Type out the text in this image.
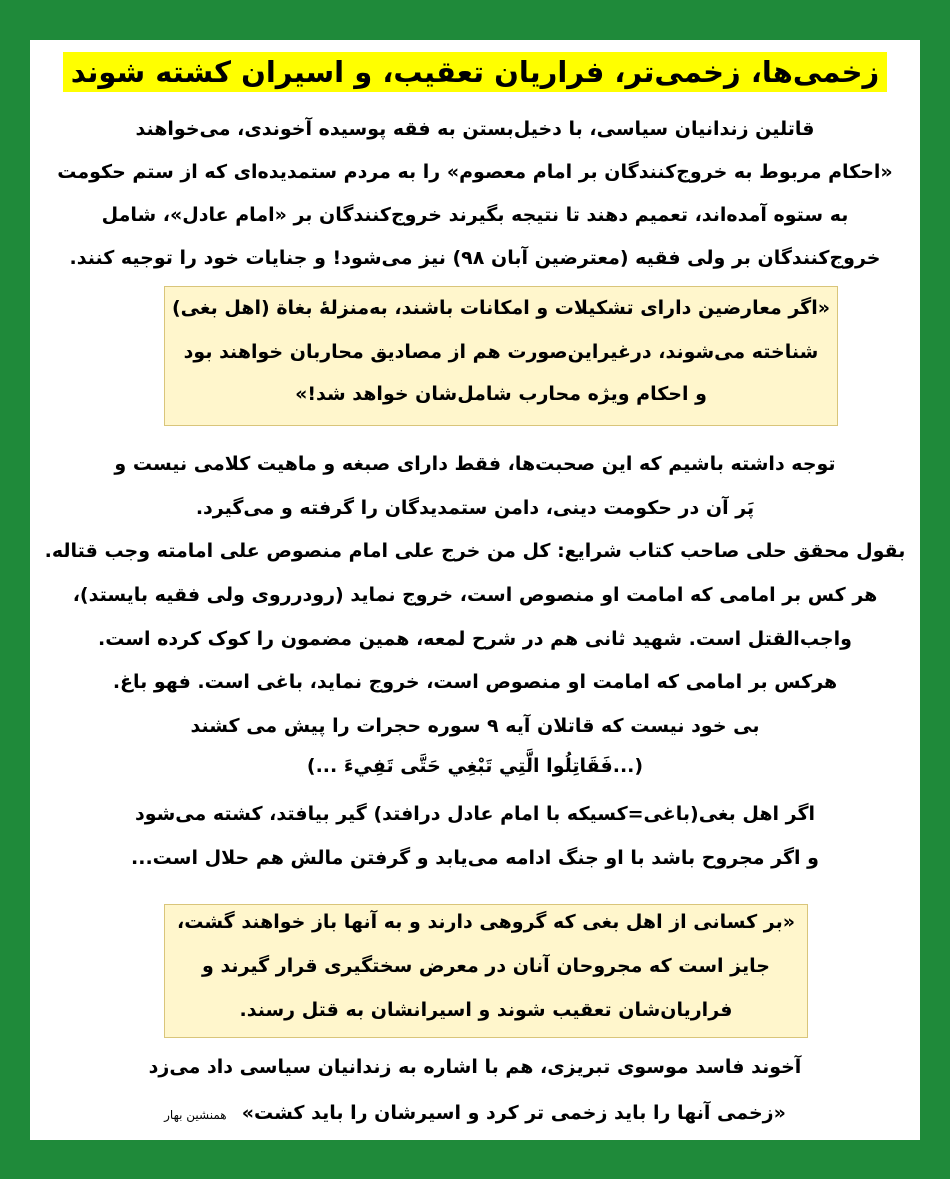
زخمی‌ها، زخمی‌تر، فراریان تعقیب، و اسیران کشته شوند
قاتلین زندانیان سیاسی، با دخیل‌بستن به فقه پوسیده آخوندی، می‌خواهند
«احکام مربوط به خروج‌کنندگان بر امام معصوم» را به مردم ستمدیده‌ای که از ستم حکومت
به ستوه آمده‌اند، تعمیم دهند تا نتیجه بگیرند خروج‌کنندگان بر «امام عادل»، شامل
خروج‌کنندگان بر ولی فقیه (معترضین آبان ۹۸) نیز می‌شود! و جنایات خود را توجیه کنند.
«اگر معارضین دارای تشکیلات و امکانات باشند، به‌منزلهٔ بغاة (اهل بغی)
شناخته می‌شوند، درغیراین‌صورت هم از مصادیق محاربان خواهند بود
و احکام ویژه محارب شامل‌شان خواهد شد!»
توجه داشته باشیم که این صحبت‌ها، فقط دارای صبغه و ماهیت کلامی نیست و
پَر آن در حکومت دینی، دامن ستمدیدگان را گرفته و می‌گیرد.
بقول محقق حلی صاحب کتاب شرایع: کل من خرج علی امام منصوص علی امامته وجب قتاله.
هر کس بر امامی که امامت او منصوص است، خروج نماید (رودرروی ولی فقیه بایستد)،
واجب‌القتل است. شهید ثانی هم در شرح لمعه، همین مضمون را کوک کرده است.
هرکس بر امامی که امامت او منصوص است، خروج نماید، باغی است. فهو باغ.
بی خود نیست که قاتلان آیه ۹ سوره حجرات را پیش می کشند
(...فَقَاتِلُوا الَّتِي تَبْغِي حَتَّى تَفِيءَ ...)
اگر اهل بغی(باغی=کسیکه با امام عادل درافتد) گیر بیافتد، کشته می‌شود
و اگر مجروح باشد با او جنگ ادامه می‌یابد و گرفتن مالش هم حلال است...
«بر کسانی از اهل بغی که گروهی دارند و به آنها باز خواهند گشت،
جایز است که مجروحان آنان در معرض سختگیری قرار گیرند و
فراریان‌شان تعقیب شوند و اسیرانشان به قتل رسند.
آخوند فاسد موسوی تبریزی، هم با اشاره به زندانیان سیاسی داد می‌زد
«زخمی آنها را باید زخمی تر کرد و اسیرشان را باید کشت» همنشین بهار
